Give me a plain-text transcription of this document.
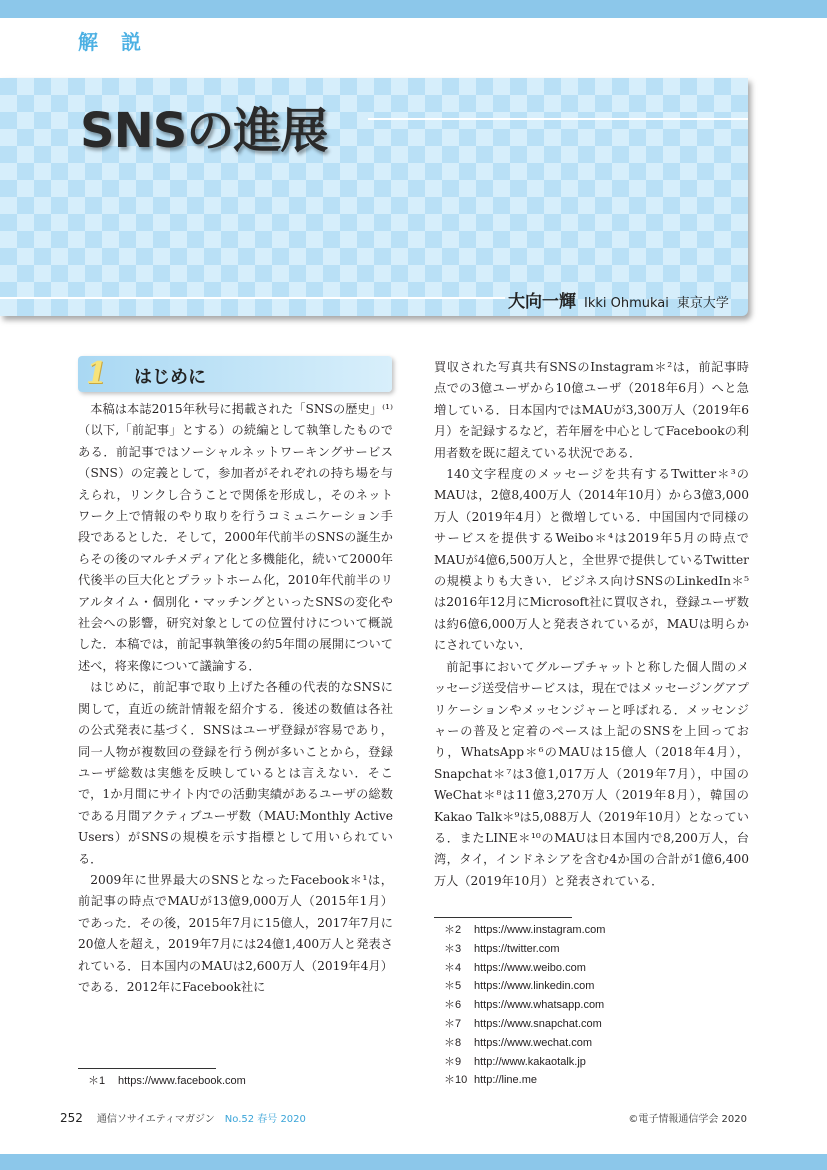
解 説
SNSの進展
大向一輝 Ikki Ohmukai 東京大学
1 はじめに

本稿は本誌2015年秋号に掲載された「SNSの歴史」⁽¹⁾（以下,「前記事」とする）の続編として執筆したものである．前記事ではソーシャルネットワーキングサービス（SNS）の定義として，参加者がそれぞれの持ち場を与えられ，リンクし合うことで関係を形成し，そのネットワーク上で情報のやり取りを行うコミュニケーション手段であるとした．そして，2000年代前半のSNSの誕生からその後のマルチメディア化と多機能化，続いて2000年代後半の巨大化とプラットホーム化，2010年代前半のリアルタイム・個別化・マッチングといったSNSの変化や社会への影響，研究対象としての位置付けについて概説した．本稿では，前記事執筆後の約5年間の展開について述べ，将来像について議論する．

はじめに，前記事で取り上げた各種の代表的なSNSに関して，直近の統計情報を紹介する．後述の数値は各社の公式発表に基づく．SNSはユーザ登録が容易であり，同一人物が複数回の登録を行う例が多いことから，登録ユーザ総数は実態を反映しているとは言えない．そこで，1か月間にサイト内での活動実績があるユーザの総数である月間アクティブユーザ数（MAU:Monthly Active Users）がSNSの規模を示す指標として用いられている．

2009年に世界最大のSNSとなったFacebook＊¹は，前記事の時点でMAUが13億9,000万人（2015年1月）であった．その後，2015年7月に15億人，2017年7月に20億人を超え，2019年7月には24億1,400万人と発表されている．日本国内のMAUは2,600万人（2019年4月）である．2012年にFacebook社に

買収された写真共有SNSのInstagram＊²は，前記事時点での3億ユーザから10億ユーザ（2018年6月）へと急増している．日本国内ではMAUが3,300万人（2019年6月）を記録するなど，若年層を中心としてFacebookの利用者数を既に超えている状況である．

140文字程度のメッセージを共有するTwitter＊³のMAUは，2億8,400万人（2014年10月）から3億3,000万人（2019年4月）と微増している．中国国内で同様のサービスを提供するWeibo＊⁴は2019年5月の時点でMAUが4億6,500万人と，全世界で提供しているTwitterの規模よりも大きい．ビジネス向けSNSのLinkedIn＊⁵は2016年12月にMicrosoft社に買収され，登録ユーザ数は約6億6,000万人と発表されているが，MAUは明らかにされていない．

前記事においてグループチャットと称した個人間のメッセージ送受信サービスは，現在ではメッセージングアプリケーションやメッセンジャーと呼ばれる．メッセンジャーの普及と定着のペースは上記のSNSを上回っており，WhatsApp＊⁶のMAUは15億人（2018年4月），Snapchat＊⁷は3億1,017万人（2019年7月），中国のWeChat＊⁸は11億3,270万人（2019年8月），韓国のKakao Talk＊⁹は5,088万人（2019年10月）となっている．またLINE＊¹⁰のMAUは日本国内で8,200万人，台湾，タイ，インドネシアを含む4か国の合計が1億6,400万人（2019年10月）と発表されている．

＊1 https://www.facebook.com
＊2 https://www.instagram.com
＊3 https://twitter.com
＊4 https://www.weibo.com
＊5 https://www.linkedin.com
＊6 https://www.whatsapp.com
＊7 https://www.snapchat.com
＊8 https://www.wechat.com
＊9 http://www.kakaotalk.jp
＊10 http://line.me
252 通信ソサイエティマガジン No.52 春号 2020	©電子情報通信学会 2020
